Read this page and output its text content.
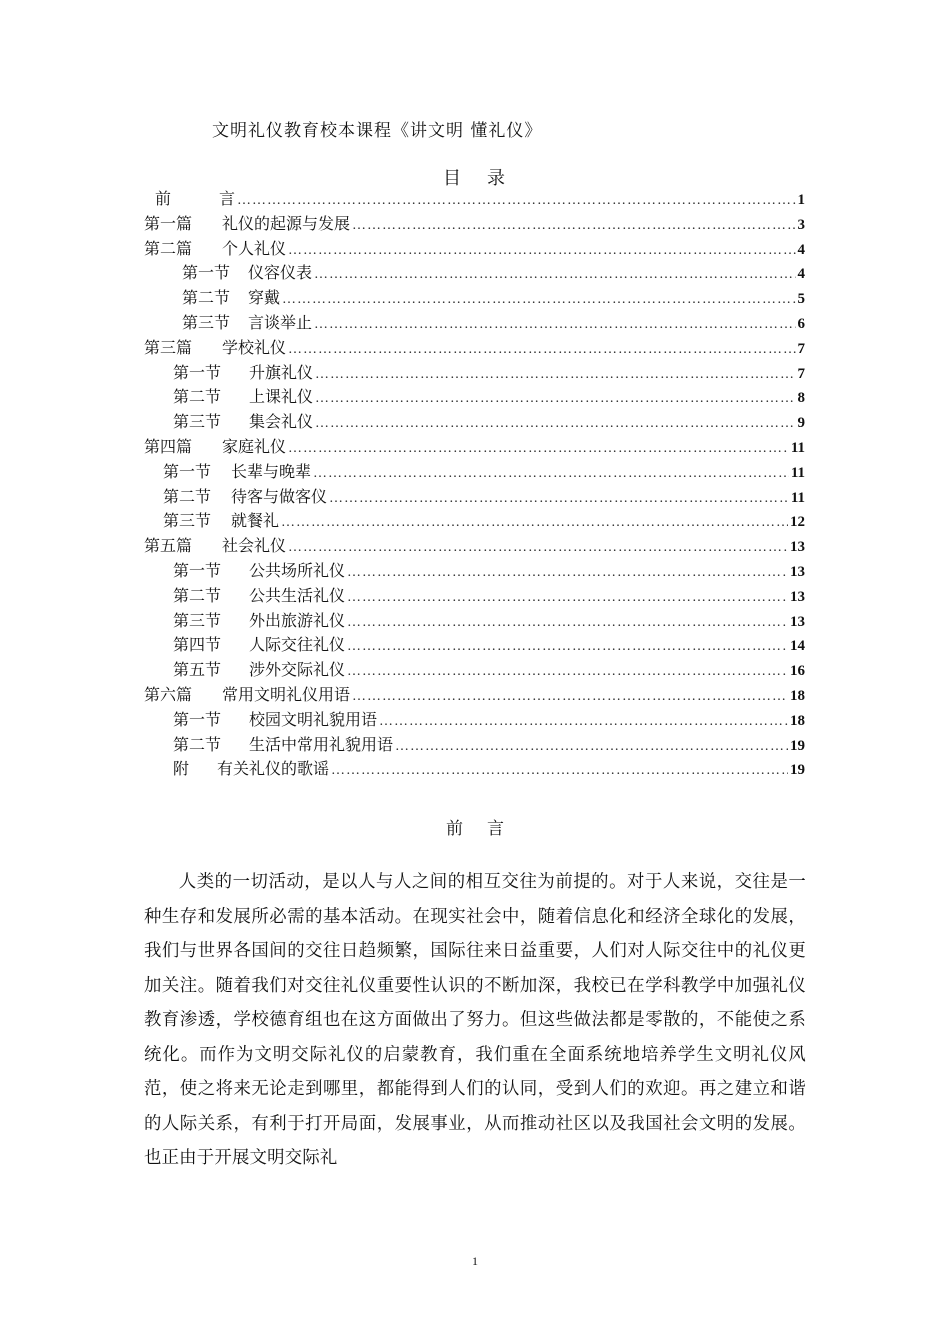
文明礼仪教育校本课程《讲文明 懂礼仪》
目 录
前	言 ……………………………………………………………………………………………………………………………………………………………	1
第一篇 礼仪的起源与发展 ……………………………………………………………………………………………………………………………………………………………	3
第二篇 个人礼仪 ……………………………………………………………………………………………………………………………………………………………	4
第一节 仪容仪表 ……………………………………………………………………………………………………………………………………………………………	4
第二节 穿戴 ……………………………………………………………………………………………………………………………………………………………	5
第三节 言谈举止 ……………………………………………………………………………………………………………………………………………………………	6
第三篇 学校礼仪 ……………………………………………………………………………………………………………………………………………………………	7
第一节 升旗礼仪 ……………………………………………………………………………………………………………………………………………………………	7
第二节 上课礼仪 ……………………………………………………………………………………………………………………………………………………………	8
第三节 集会礼仪 ……………………………………………………………………………………………………………………………………………………………	9
第四篇 家庭礼仪 ……………………………………………………………………………………………………………………………………………………………	11
第一节 长辈与晚辈 ……………………………………………………………………………………………………………………………………………………………	11
第二节 待客与做客仪 ……………………………………………………………………………………………………………………………………………………………	11
第三节 就餐礼 ……………………………………………………………………………………………………………………………………………………………	12
第五篇 社会礼仪 ……………………………………………………………………………………………………………………………………………………………	13
第一节 公共场所礼仪 ……………………………………………………………………………………………………………………………………………………………	13
第二节 公共生活礼仪 ……………………………………………………………………………………………………………………………………………………………	13
第三节 外出旅游礼仪 ……………………………………………………………………………………………………………………………………………………………	13
第四节 人际交往礼仪 ……………………………………………………………………………………………………………………………………………………………	14
第五节 涉外交际礼仪 ……………………………………………………………………………………………………………………………………………………………	16
第六篇 常用文明礼仪用语 ……………………………………………………………………………………………………………………………………………………………	18
第一节 校园文明礼貌用语 ……………………………………………………………………………………………………………………………………………………………	18
第二节 生活中常用礼貌用语 ……………………………………………………………………………………………………………………………………………………………	19
附 有关礼仪的歌谣 ……………………………………………………………………………………………………………………………………………………………	19
前 言
人类的一切活动，是以人与人之间的相互交往为前提的。对于人来说，交往是一种生存和发展所必需的基本活动。在现实社会中，随着信息化和经济全球化的发展，我们与世界各国间的交往日趋频繁，国际往来日益重要，人们对人际交往中的礼仪更加关注。随着我们对交往礼仪重要性认识的不断加深，我校已在学科教学中加强礼仪教育渗透，学校德育组也在这方面做出了努力。但这些做法都是零散的，不能使之系统化。而作为文明交际礼仪的启蒙教育，我们重在全面系统地培养学生文明礼仪风范，使之将来无论走到哪里，都能得到人们的认同，受到人们的欢迎。再之建立和谐的人际关系，有利于打开局面，发展事业，从而推动社区以及我国社会文明的发展。也正由于开展文明交际礼
1
